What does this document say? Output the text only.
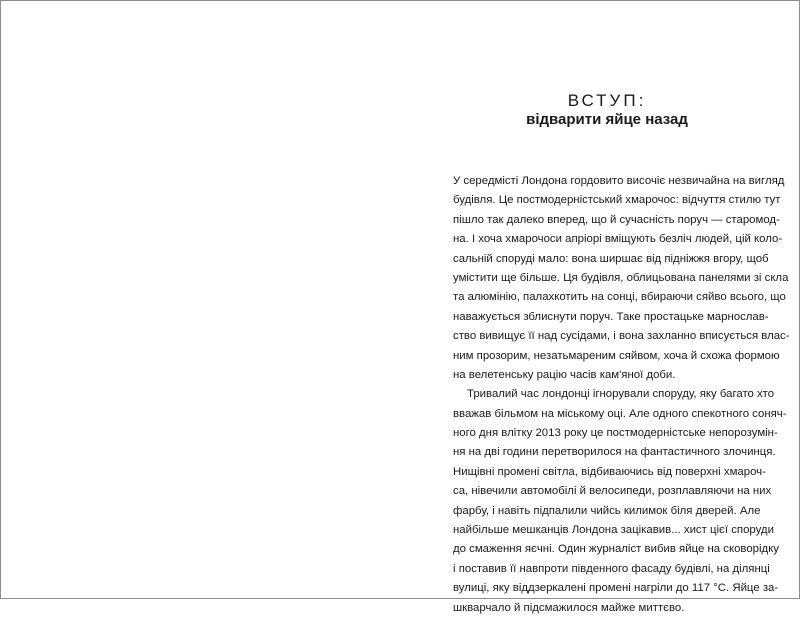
ВСТУП:
відварити яйце назад
У середмісті Лондона гордовито височіє незвичайна на вигляд
будівля. Це постмодерністський хмарочос: відчуття стилю тут
пішло так далеко вперед, що й сучасність поруч — старомод-
на. І хоча хмарочоси апріорі вміщують безліч людей, цій коло-
сальній споруді мало: вона ширшає від підніжжя вгору, щоб
умістити ще більше. Ця будівля, облицьована панелями зі скла
та алюмінію, палахкотить на сонці, вбираючи сяйво всього, що
наважується зблиснути поруч. Таке простацьке марнослав-
ство вивищує її над сусідами, і вона захланно вписується влас-
ним прозорим, незатьмареним сяйвом, хоча й схожа формою
на велетенську рацію часів кам'яної доби.
Тривалий час лондонці ігнорували споруду, яку багато хто
вважав більмом на міському оці. Але одного спекотного соняч-
ного дня влітку 2013 року це постмодерністське непорозумін-
ня на дві години перетворилося на фантастичного злочинця.
Нищівні промені світла, відбиваючись від поверхні хмароч-
са, нівечили автомобілі й велосипеди, розплавляючи на них
фарбу, і навіть підпалили чийсь килимок біля дверей. Але
найбільше мешканців Лондона зацікавив... хист цієї споруди
до смаження яєчні. Один журналіст вибив яйце на сковорідку
і поставив її навпроти південного фасаду будівлі, на ділянці
вулиці, яку віддзеркалені промені нагріли до 117 °С. Яйце за-
шкварчало й підсмажилося майже миттєво.
